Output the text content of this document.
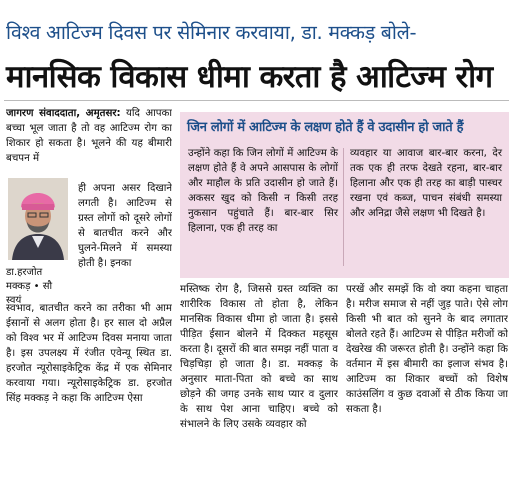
विश्व आटिज्म दिवस पर सेमिनार करवाया, डा. मक्कड़ बोले-
मानसिक विकास धीमा करता है आटिज्म रोग
जागरण संवाददाता, अमृतसर: यदि आपका बच्चा भूल जाता है तो वह आटिज्म रोग का शिकार हो सकता है। भूलने की यह बीमारी बचपन में
ही अपना असर दिखाने लगती है। आटिज्म से ग्रस्त लोगों को दूसरे लोगों से बातचीत करने और घुलने-मिलने में समस्या होती है। इनका
डा.हरजोत
मक्कड़ • सौ
स्वयं
स्वभाव, बातचीत करने का तरीका भी आम ईसानों से अलग होता है। हर साल दो अप्रैल को विश्व भर में आटिज्म दिवस मनाया जाता है। इस उपलक्ष्य में रंजीत एवेन्यू स्थित डा. हरजोत न्यूरोसाइकेट्रिक केंद्र में एक सेमिनार करवाया गया। न्यूरोसाइकेट्रिक डा. हरजोत सिंह मक्कड़ ने कहा कि आटिज्म ऐसा
जिन लोगों में आटिज्म के लक्षण होते हैं वे उदासीन हो जाते हैं
उन्होंने कहा कि जिन लोगों में आटिज्म के लक्षण होते हैं वे अपने आसपास के लोगों और माहौल के प्रति उदासीन हो जाते हैं। अकसर खुद को किसी न किसी तरह नुकसान पहुंचाते हैं। बार-बार सिर हिलाना, एक ही तरह का
व्यवहार या आवाज बार-बार करना, देर तक एक ही तरफ देखते रहना, बार-बार हिलाना और एक ही तरह का बाड़ी पास्चर रखना एवं कब्ज, पाचन संबंधी समस्या और अनिद्रा जैसे लक्षण भी दिखते है।
मस्तिष्क रोग है, जिससे ग्रस्त व्यक्ति का शारीरिक विकास तो होता है, लेकिन मानसिक विकास धीमा हो जाता है। इससे पीड़ित ईसान बोलने में दिक्कत महसूस करता है। दूसरों की बात समझ नहीं पाता व चिड़चिड़ा हो जाता है। डा. मक्कड़ के अनुसार माता-पिता को बच्चे का साथ छोड़ने की जगह उनके साथ प्यार व दुलार के साथ पेश आना चाहिए। बच्चे को संभालने के लिए उसके व्यवहार को
परखें और समझें कि वो क्या कहना चाहता है। मरीज समाज से नहीं जुड़ पाते। ऐसे लोग किसी भी बात को सुनने के बाद लगातार बोलते रहते हैं। आटिज्म से पीड़ित मरीजों को देखरेख की जरूरत होती है। उन्होंने कहा कि वर्तमान में इस बीमारी का इलाज संभव है। आटिज्म का शिकार बच्चों को विशेष काउंसलिंग व कुछ दवाओं से ठीक किया जा सकता है।
